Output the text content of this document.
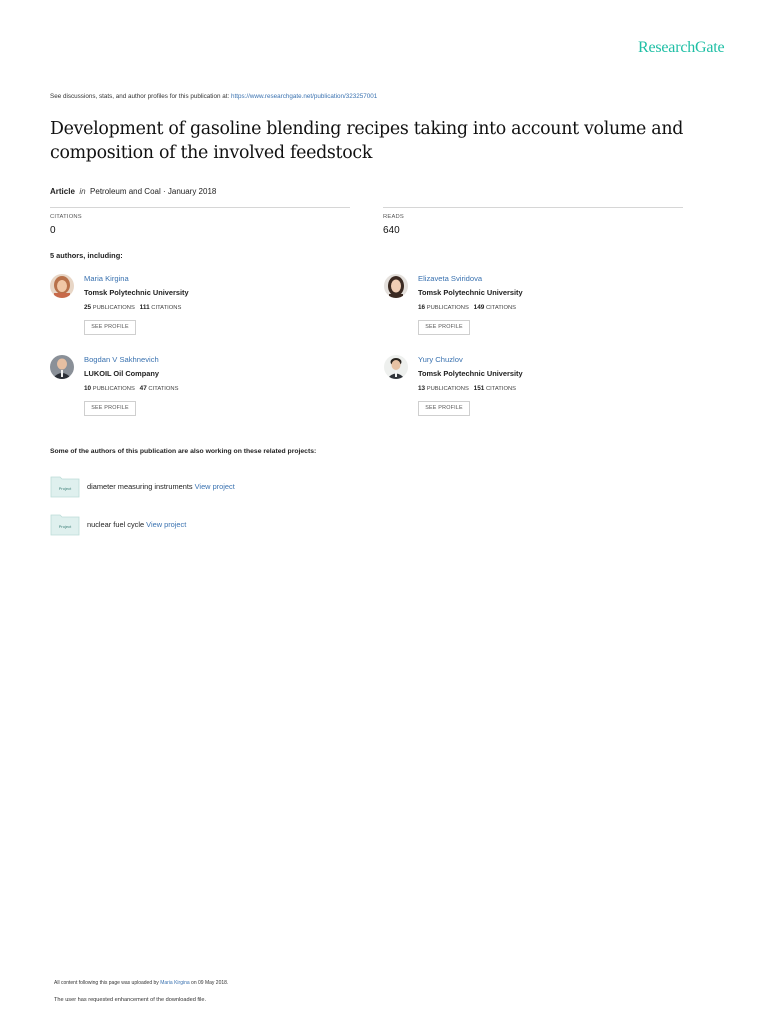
ResearchGate
See discussions, stats, and author profiles for this publication at: https://www.researchgate.net/publication/323257001
Development of gasoline blending recipes taking into account volume and composition of the involved feedstock
Article in Petroleum and Coal · January 2018
CITATIONS
0
READS
640
5 authors, including:
Maria Kirgina
Tomsk Polytechnic University
25 PUBLICATIONS 111 CITATIONS
SEE PROFILE
Elizaveta Sviridova
Tomsk Polytechnic University
16 PUBLICATIONS 149 CITATIONS
SEE PROFILE
Bogdan V Sakhnevich
LUKOIL Oil Company
10 PUBLICATIONS 47 CITATIONS
SEE PROFILE
Yury Chuzlov
Tomsk Polytechnic University
13 PUBLICATIONS 151 CITATIONS
SEE PROFILE
Some of the authors of this publication are also working on these related projects:
Project diameter measuring instruments View project
Project nuclear fuel cycle View project
All content following this page was uploaded by Maria Kirgina on 09 May 2018.
The user has requested enhancement of the downloaded file.
